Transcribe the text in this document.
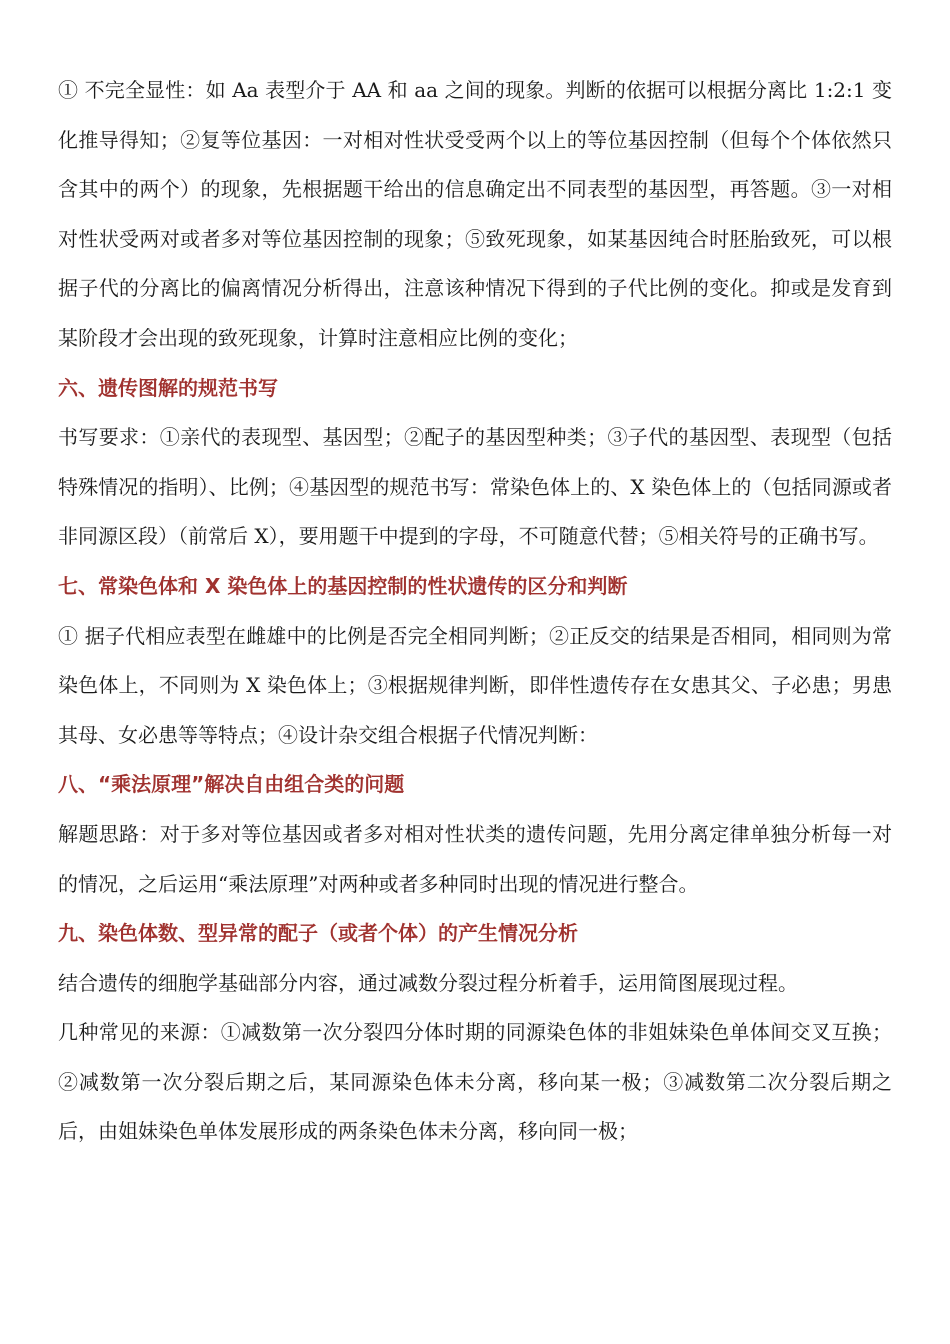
① 不完全显性：如 Aa 表型介于 AA 和 aa 之间的现象。判断的依据可以根据分离比 1:2:1 变化推导得知；②复等位基因：一对相对性状受受两个以上的等位基因控制（但每个个体依然只含其中的两个）的现象，先根据题干给出的信息确定出不同表型的基因型，再答题。③一对相对性状受两对或者多对等位基因控制的现象；⑤致死现象，如某基因纯合时胚胎致死，可以根据子代的分离比的偏离情况分析得出，注意该种情况下得到的子代比例的变化。抑或是发育到某阶段才会出现的致死现象，计算时注意相应比例的变化；

六、遗传图解的规范书写

书写要求：①亲代的表现型、基因型；②配子的基因型种类；③子代的基因型、表现型（包括特殊情况的指明）、比例；④基因型的规范书写：常染色体上的、X 染色体上的（包括同源或者非同源区段）（前常后 X），要用题干中提到的字母，不可随意代替；⑤相关符号的正确书写。

七、常染色体和 X 染色体上的基因控制的性状遗传的区分和判断

① 据子代相应表型在雌雄中的比例是否完全相同判断；②正反交的结果是否相同，相同则为常染色体上，不同则为 X 染色体上；③根据规律判断，即伴性遗传存在女患其父、子必患；男患其母、女必患等等特点；④设计杂交组合根据子代情况判断：

八、“乘法原理”解决自由组合类的问题

解题思路：对于多对等位基因或者多对相对性状类的遗传问题，先用分离定律单独分析每一对的情况，之后运用“乘法原理”对两种或者多种同时出现的情况进行整合。

九、染色体数、型异常的配子（或者个体）的产生情况分析

结合遗传的细胞学基础部分内容，通过减数分裂过程分析着手，运用简图展现过程。

几种常见的来源：①减数第一次分裂四分体时期的同源染色体的非姐妹染色单体间交叉互换；②减数第一次分裂后期之后，某同源染色体未分离，移向某一极；③减数第二次分裂后期之后，由姐妹染色单体发展形成的两条染色体未分离，移向同一极；
